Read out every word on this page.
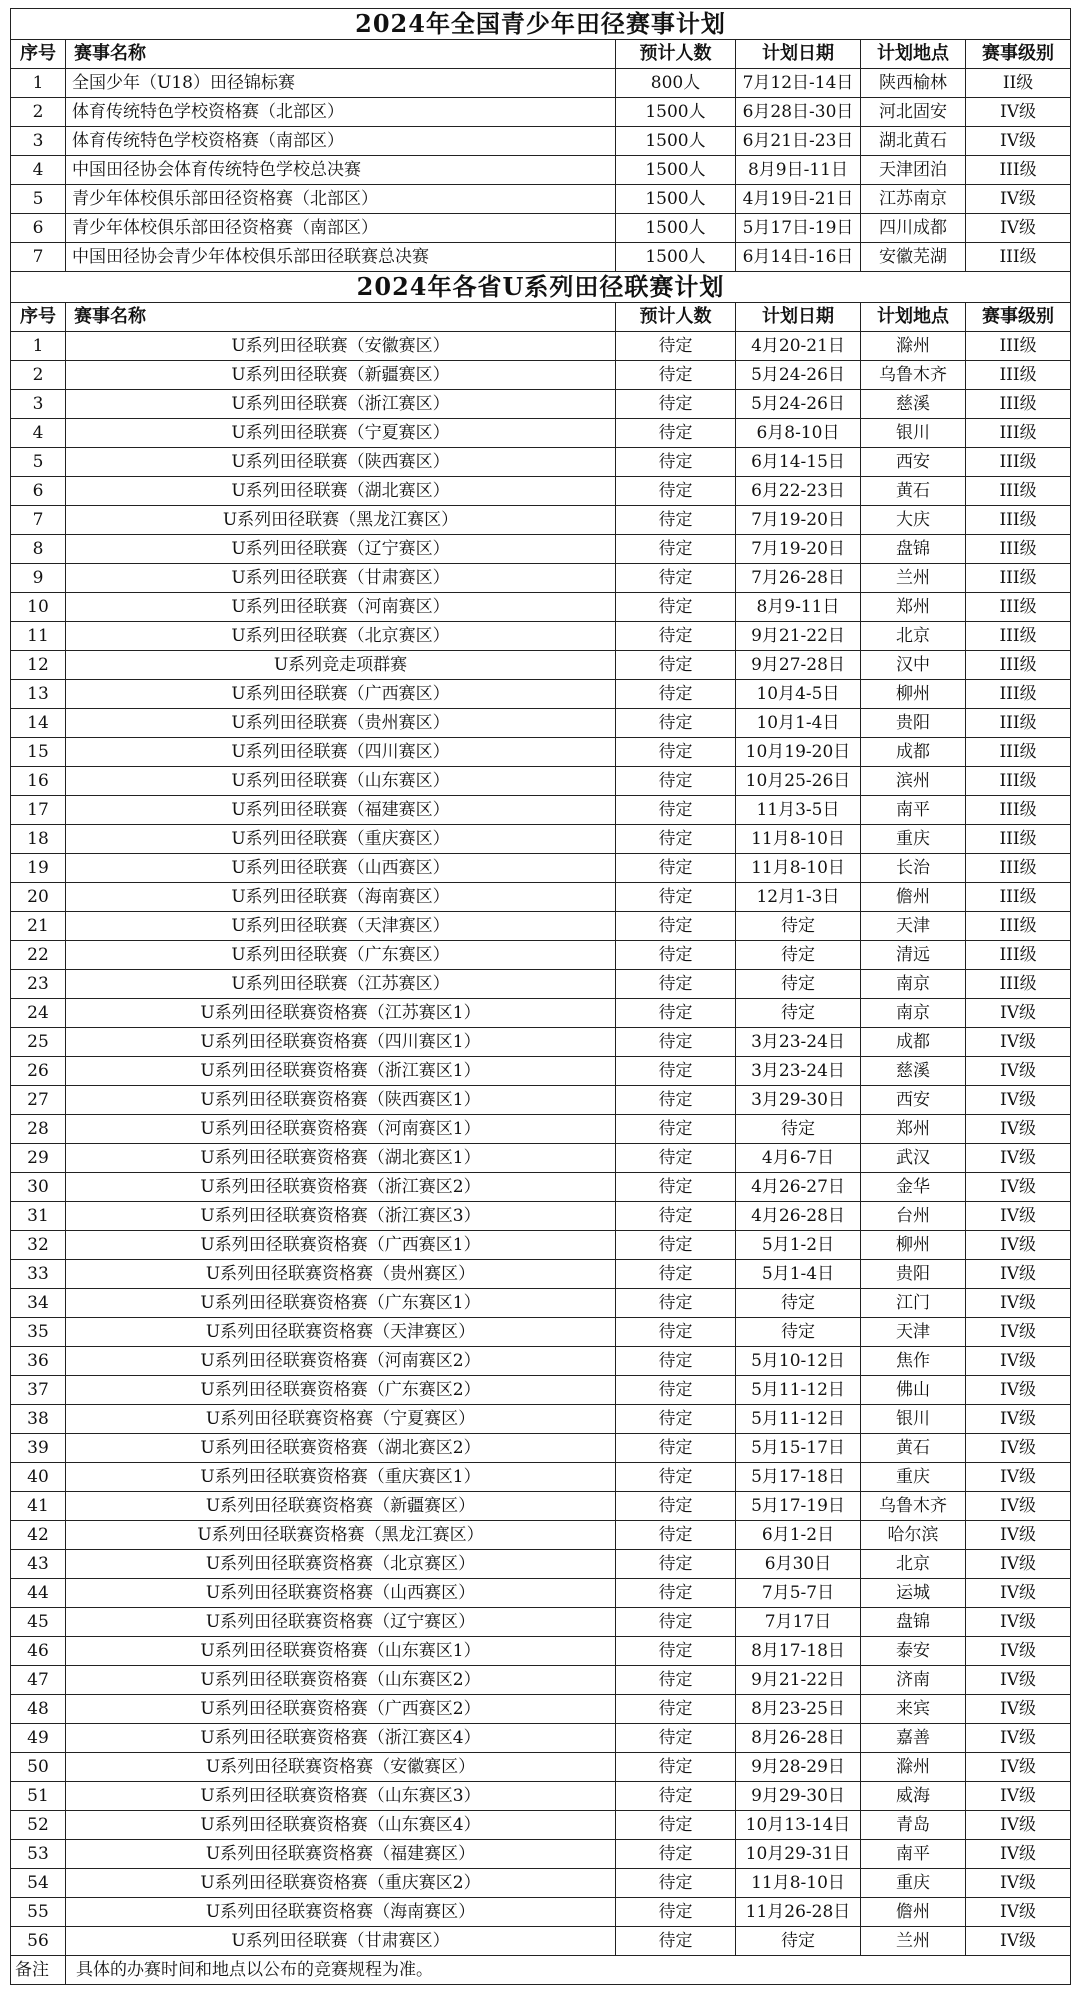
2024年全国青少年田径赛事计划					
序号	赛事名称	预计人数	计划日期	计划地点	赛事级别
1	全国少年（U18）田径锦标赛	800人	7月12日-14日	陕西榆林	II级
2	体育传统特色学校资格赛（北部区）	1500人	6月28日-30日	河北固安	IV级
3	体育传统特色学校资格赛（南部区）	1500人	6月21日-23日	湖北黄石	IV级
4	中国田径协会体育传统特色学校总决赛	1500人	8月9日-11日	天津团泊	III级
5	青少年体校俱乐部田径资格赛（北部区）	1500人	4月19日-21日	江苏南京	IV级
6	青少年体校俱乐部田径资格赛（南部区）	1500人	5月17日-19日	四川成都	IV级
7	中国田径协会青少年体校俱乐部田径联赛总决赛	1500人	6月14日-16日	安徽芜湖	III级
2024年各省U系列田径联赛计划					
序号	赛事名称	预计人数	计划日期	计划地点	赛事级别
1	U系列田径联赛（安徽赛区）	待定	4月20-21日	滁州	III级
2	U系列田径联赛（新疆赛区）	待定	5月24-26日	乌鲁木齐	III级
3	U系列田径联赛（浙江赛区）	待定	5月24-26日	慈溪	III级
4	U系列田径联赛（宁夏赛区）	待定	6月8-10日	银川	III级
5	U系列田径联赛（陕西赛区）	待定	6月14-15日	西安	III级
6	U系列田径联赛（湖北赛区）	待定	6月22-23日	黄石	III级
7	U系列田径联赛（黑龙江赛区）	待定	7月19-20日	大庆	III级
8	U系列田径联赛（辽宁赛区）	待定	7月19-20日	盘锦	III级
9	U系列田径联赛（甘肃赛区）	待定	7月26-28日	兰州	III级
10	U系列田径联赛（河南赛区）	待定	8月9-11日	郑州	III级
11	U系列田径联赛（北京赛区）	待定	9月21-22日	北京	III级
12	U系列竞走项群赛	待定	9月27-28日	汉中	III级
13	U系列田径联赛（广西赛区）	待定	10月4-5日	柳州	III级
14	U系列田径联赛（贵州赛区）	待定	10月1-4日	贵阳	III级
15	U系列田径联赛（四川赛区）	待定	10月19-20日	成都	III级
16	U系列田径联赛（山东赛区）	待定	10月25-26日	滨州	III级
17	U系列田径联赛（福建赛区）	待定	11月3-5日	南平	III级
18	U系列田径联赛（重庆赛区）	待定	11月8-10日	重庆	III级
19	U系列田径联赛（山西赛区）	待定	11月8-10日	长治	III级
20	U系列田径联赛（海南赛区）	待定	12月1-3日	儋州	III级
21	U系列田径联赛（天津赛区）	待定	待定	天津	III级
22	U系列田径联赛（广东赛区）	待定	待定	清远	III级
23	U系列田径联赛（江苏赛区）	待定	待定	南京	III级
24	U系列田径联赛资格赛（江苏赛区1）	待定	待定	南京	IV级
25	U系列田径联赛资格赛（四川赛区1）	待定	3月23-24日	成都	IV级
26	U系列田径联赛资格赛（浙江赛区1）	待定	3月23-24日	慈溪	IV级
27	U系列田径联赛资格赛（陕西赛区1）	待定	3月29-30日	西安	IV级
28	U系列田径联赛资格赛（河南赛区1）	待定	待定	郑州	IV级
29	U系列田径联赛资格赛（湖北赛区1）	待定	4月6-7日	武汉	IV级
30	U系列田径联赛资格赛（浙江赛区2）	待定	4月26-27日	金华	IV级
31	U系列田径联赛资格赛（浙江赛区3）	待定	4月26-28日	台州	IV级
32	U系列田径联赛资格赛（广西赛区1）	待定	5月1-2日	柳州	IV级
33	U系列田径联赛资格赛（贵州赛区）	待定	5月1-4日	贵阳	IV级
34	U系列田径联赛资格赛（广东赛区1）	待定	待定	江门	IV级
35	U系列田径联赛资格赛（天津赛区）	待定	待定	天津	IV级
36	U系列田径联赛资格赛（河南赛区2）	待定	5月10-12日	焦作	IV级
37	U系列田径联赛资格赛（广东赛区2）	待定	5月11-12日	佛山	IV级
38	U系列田径联赛资格赛（宁夏赛区）	待定	5月11-12日	银川	IV级
39	U系列田径联赛资格赛（湖北赛区2）	待定	5月15-17日	黄石	IV级
40	U系列田径联赛资格赛（重庆赛区1）	待定	5月17-18日	重庆	IV级
41	U系列田径联赛资格赛（新疆赛区）	待定	5月17-19日	乌鲁木齐	IV级
42	U系列田径联赛资格赛（黑龙江赛区）	待定	6月1-2日	哈尔滨	IV级
43	U系列田径联赛资格赛（北京赛区）	待定	6月30日	北京	IV级
44	U系列田径联赛资格赛（山西赛区）	待定	7月5-7日	运城	IV级
45	U系列田径联赛资格赛（辽宁赛区）	待定	7月17日	盘锦	IV级
46	U系列田径联赛资格赛（山东赛区1）	待定	8月17-18日	泰安	IV级
47	U系列田径联赛资格赛（山东赛区2）	待定	9月21-22日	济南	IV级
48	U系列田径联赛资格赛（广西赛区2）	待定	8月23-25日	来宾	IV级
49	U系列田径联赛资格赛（浙江赛区4）	待定	8月26-28日	嘉善	IV级
50	U系列田径联赛资格赛（安徽赛区）	待定	9月28-29日	滁州	IV级
51	U系列田径联赛资格赛（山东赛区3）	待定	9月29-30日	威海	IV级
52	U系列田径联赛资格赛（山东赛区4）	待定	10月13-14日	青岛	IV级
53	U系列田径联赛资格赛（福建赛区）	待定	10月29-31日	南平	IV级
54	U系列田径联赛资格赛（重庆赛区2）	待定	11月8-10日	重庆	IV级
55	U系列田径联赛资格赛（海南赛区）	待定	11月26-28日	儋州	IV级
56	U系列田径联赛（甘肃赛区）	待定	待定	兰州	IV级
备注	具体的办赛时间和地点以公布的竞赛规程为准。				
